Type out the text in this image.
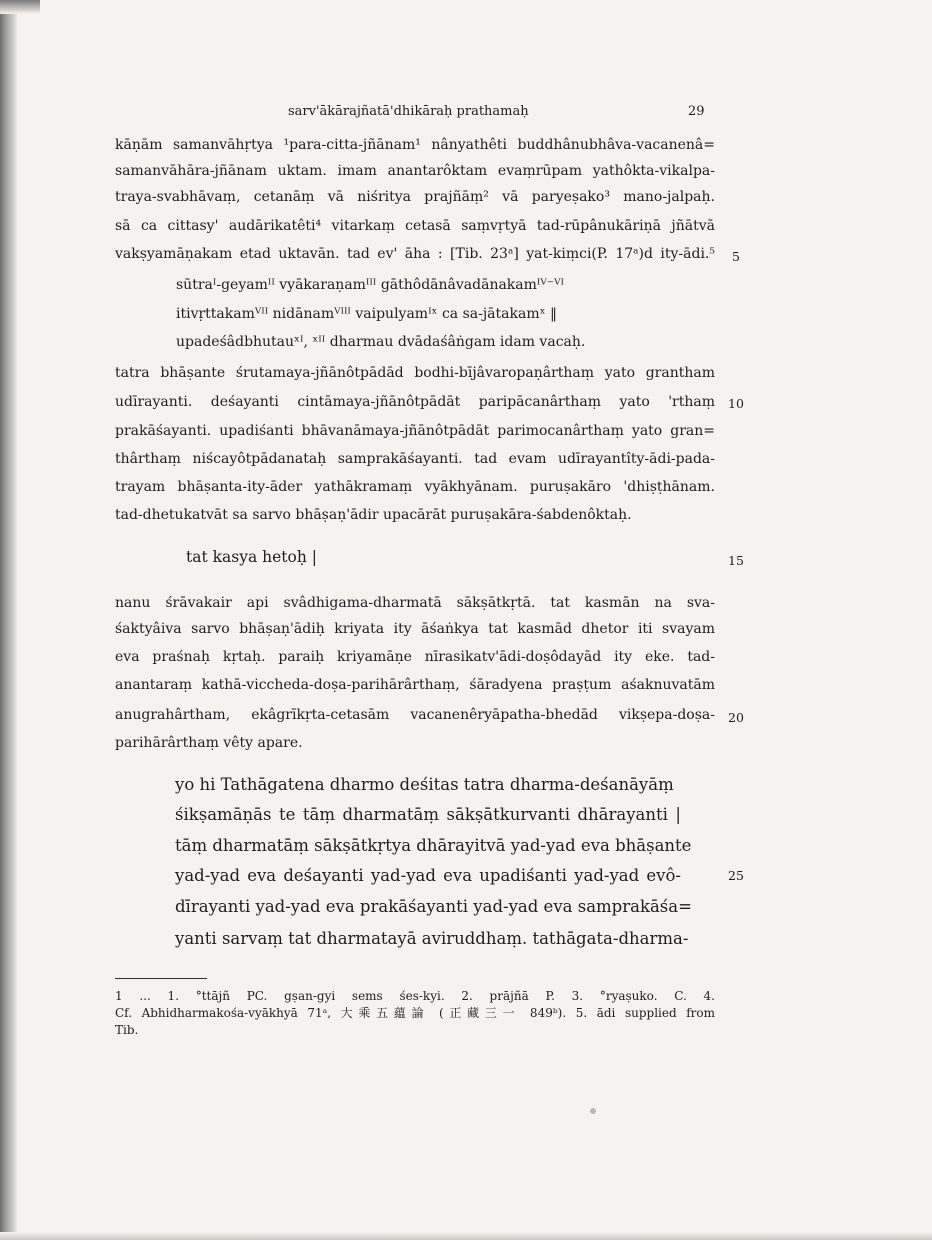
sarv'ākārajñatā'dhikāraḥ prathamaḥ	29
kāṇām samanvāhṛtya ¹para-citta-jñānam¹ nânyathêti buddhânubhâva-vacanenâ=
samanvāhāra-jñānam uktam. imam anantarôktam evaṃrūpam yathôkta-vikalpa-
traya-svabhāvaṃ, cetanāṃ vā niśritya prajñāṃ² vā paryeṣako³ mano-jalpaḥ.
sā ca cittasy' audārikatêti⁴ vitarkaṃ cetasā saṃvṛtyā tad-rūpânukāriṇā jñātvā
vakṣyamāṇakam etad uktavān. tad ev' āha : [Tib. 23ᵃ] yat-kiṃci(P. 17ᵃ)d ity-ādi.⁵
sūtraᴵ-geyamᴵᴵ vyākaraṇamᴵᴵᴵ gāthôdānâvadānakamᴵⱽ⁻ⱽᴵ
itivṛttakamⱽᴵᴵ nidānamⱽᴵᴵᴵ vaipulyamᴵˣ ca sa-jātakamˣ ‖
upadeśâdbhutauˣᴵ, ˣᴵᴵ dharmau dvādaśâṅgam idam vacaḥ.
tatra bhāṣante śrutamaya-jñānôtpādād bodhi-bījâvaropaṇârthaṃ yato grantham
udīrayanti. deśayanti cintāmaya-jñānôtpādāt paripācanârthaṃ yato 'rthaṃ
prakāśayanti. upadiśanti bhāvanāmaya-jñānôtpādāt parimocanârthaṃ yato gran=
thârthaṃ niścayôtpādanataḥ samprakāśayanti. tad evam udīrayantîty-ādi-pada-
trayam bhāṣanta-ity-āder yathākramaṃ vyākhyānam. puruṣakāro 'dhiṣṭhānam.
tad-dhetukatvāt sa sarvo bhāṣaṇ'ādir upacārāt puruṣakāra-śabdenôktaḥ.
tat kasya hetoḥ |
nanu śrāvakair api svâdhigama-dharmatā sākṣātkṛtā. tat kasmān na sva-
śaktyâiva sarvo bhāṣaṇ'ādiḥ kriyata ity āśaṅkya tat kasmād dhetor iti svayam
eva praśnaḥ kṛtaḥ. paraiḥ kriyamāṇe nīrasikatv'ādi-doṣôdayād ity eke. tad-
anantaraṃ kathā-viccheda-doṣa-parihārârthaṃ, śāradyena praṣṭum aśaknuvatām
anugrahârtham, ekâgrīkṛta-cetasām vacanenêryāpatha-bhedād vikṣepa-doṣa-
parihārârthaṃ vêty apare.
yo hi Tathāgatena dharmo deśitas tatra dharma-deśanāyāṃ
śikṣamāṇās te tāṃ dharmatāṃ sākṣātkurvanti dhārayanti |
tāṃ dharmatāṃ sākṣātkṛtya dhārayitvā yad-yad eva bhāṣante
yad-yad eva deśayanti yad-yad eva upadiśanti yad-yad evô-
dīrayanti yad-yad eva prakāśayanti yad-yad eva samprakāśa=
yanti sarvaṃ tat dharmatayā aviruddhaṃ. tathāgata-dharma-
5
10
15
20
25
1 ... 1. °ttājñ PC. gṣan-gyi sems śes-kyi. 2. prājñā P. 3. °ryaṣuko. C. 4.
Cf. Abhidharmakośa-vyākhyā 71ᵃ, 大乘五蘊論 (正藏三一 849ᵇ). 5. ādi supplied from
Tib.
